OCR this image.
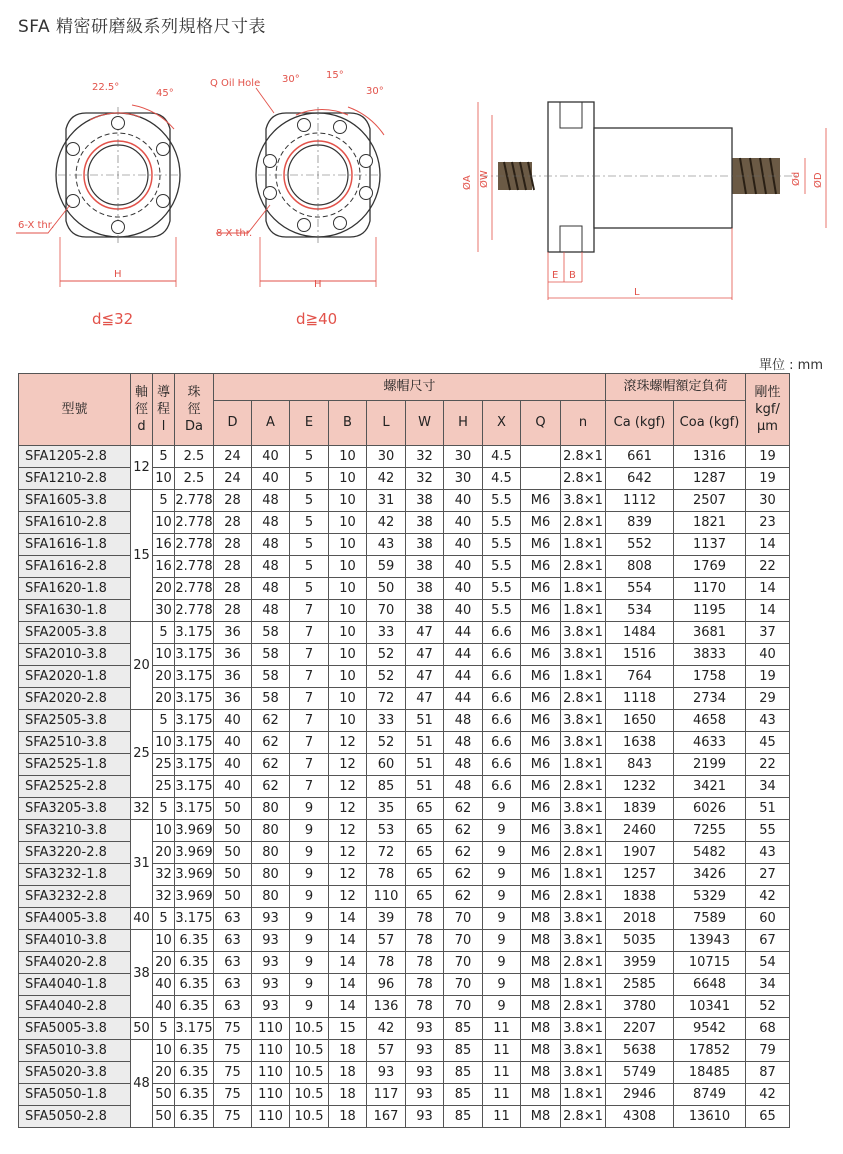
SFA 精密研磨級系列規格尺寸表
22.5°
45°
6-X thr.
H
d≦32
Q Oil Hole 30°	15°
30°
8-X thr.
H
d≧40
ØA ØW	Ød ØD
E B
L
單位 : mm
型號	軸
徑
d	導
程
l	珠
徑
Da	螺帽尺寸										滾珠螺帽額定負荷		剛性
kgf/
μm

				D	A	E	B	L	W	H	X	Q	n	Ca (kgf)	Coa (kgf)	
SFA1205-2.8	12	5	2.5	24	40	5	10	30	32	30	4.5		2.8×1	661	1316	19
SFA1210-2.8		10	2.5	24	40	5	10	42	32	30	4.5		2.8×1	642	1287	19
SFA1605-3.8	15	5	2.778	28	48	5	10	31	38	40	5.5	M6	3.8×1	1112	2507	30
SFA1610-2.8		10	2.778	28	48	5	10	42	38	40	5.5	M6	2.8×1	839	1821	23
SFA1616-1.8		16	2.778	28	48	5	10	43	38	40	5.5	M6	1.8×1	552	1137	14
SFA1616-2.8		16	2.778	28	48	5	10	59	38	40	5.5	M6	2.8×1	808	1769	22
SFA1620-1.8		20	2.778	28	48	5	10	50	38	40	5.5	M6	1.8×1	554	1170	14
SFA1630-1.8		30	2.778	28	48	7	10	70	38	40	5.5	M6	1.8×1	534	1195	14
SFA2005-3.8	20	5	3.175	36	58	7	10	33	47	44	6.6	M6	3.8×1	1484	3681	37
SFA2010-3.8		10	3.175	36	58	7	10	52	47	44	6.6	M6	3.8×1	1516	3833	40
SFA2020-1.8		20	3.175	36	58	7	10	52	47	44	6.6	M6	1.8×1	764	1758	19
SFA2020-2.8		20	3.175	36	58	7	10	72	47	44	6.6	M6	2.8×1	1118	2734	29
SFA2505-3.8	25	5	3.175	40	62	7	10	33	51	48	6.6	M6	3.8×1	1650	4658	43
SFA2510-3.8		10	3.175	40	62	7	12	52	51	48	6.6	M6	3.8×1	1638	4633	45
SFA2525-1.8		25	3.175	40	62	7	12	60	51	48	6.6	M6	1.8×1	843	2199	22
SFA2525-2.8		25	3.175	40	62	7	12	85	51	48	6.6	M6	2.8×1	1232	3421	34
SFA3205-3.8	32	5	3.175	50	80	9	12	35	65	62	9	M6	3.8×1	1839	6026	51
SFA3210-3.8	31	10	3.969	50	80	9	12	53	65	62	9	M6	3.8×1	2460	7255	55
SFA3220-2.8		20	3.969	50	80	9	12	72	65	62	9	M6	2.8×1	1907	5482	43
SFA3232-1.8		32	3.969	50	80	9	12	78	65	62	9	M6	1.8×1	1257	3426	27
SFA3232-2.8		32	3.969	50	80	9	12	110	65	62	9	M6	2.8×1	1838	5329	42
SFA4005-3.8	40	5	3.175	63	93	9	14	39	78	70	9	M8	3.8×1	2018	7589	60
SFA4010-3.8	38	10	6.35	63	93	9	14	57	78	70	9	M8	3.8×1	5035	13943	67
SFA4020-2.8		20	6.35	63	93	9	14	78	78	70	9	M8	2.8×1	3959	10715	54
SFA4040-1.8		40	6.35	63	93	9	14	96	78	70	9	M8	1.8×1	2585	6648	34
SFA4040-2.8		40	6.35	63	93	9	14	136	78	70	9	M8	2.8×1	3780	10341	52
SFA5005-3.8	50	5	3.175	75	110	10.5	15	42	93	85	11	M8	3.8×1	2207	9542	68
SFA5010-3.8	48	10	6.35	75	110	10.5	18	57	93	85	11	M8	3.8×1	5638	17852	79
SFA5020-3.8		20	6.35	75	110	10.5	18	93	93	85	11	M8	3.8×1	5749	18485	87
SFA5050-1.8		50	6.35	75	110	10.5	18	117	93	85	11	M8	1.8×1	2946	8749	42
SFA5050-2.8		50	6.35	75	110	10.5	18	167	93	85	11	M8	2.8×1	4308	13610	65
